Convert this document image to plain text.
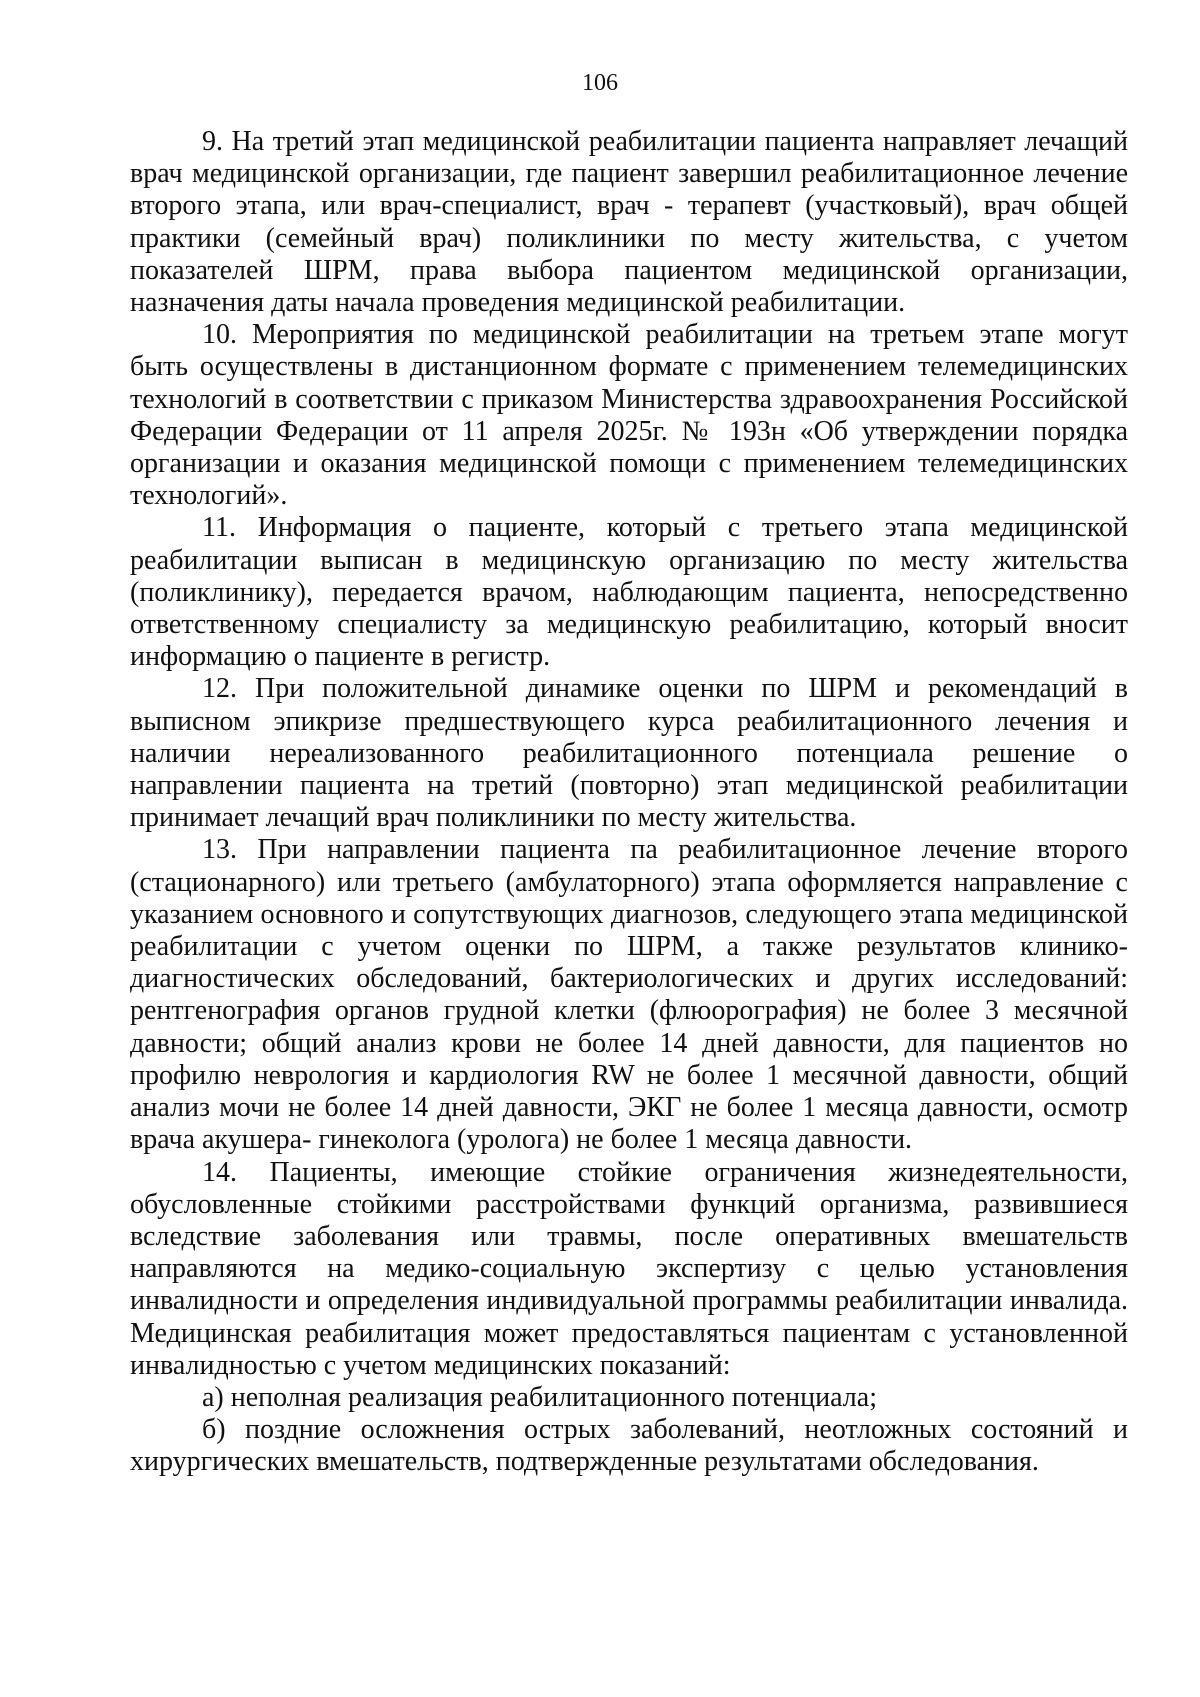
106

9. На третий этап медицинской реабилитации пациента направляет лечащий врач медицинской организации, где пациент завершил реабилитационное лечение второго этапа, или врач-специалист, врач - терапевт (участковый), врач общей практики (семейный врач) поликлиники по месту жительства, с учетом показателей ШРМ, права выбора пациентом медицинской организации, назначения даты начала проведения медицинской реабилитации.

10. Мероприятия по медицинской реабилитации на третьем этапе могут быть осуществлены в дистанционном формате с применением телемедицинских технологий в соответствии с приказом Министерства здравоохранения Российской Федерации Федерации от 11 апреля 2025г. № 193н «Об утверждении порядка организации и оказания медицинской помощи с применением телемедицинских технологий».

11. Информация о пациенте, который с третьего этапа медицинской реабилитации выписан в медицинскую организацию по месту жительства (поликлинику), передается врачом, наблюдающим пациента, непосредственно ответственному специалисту за медицинскую реабилитацию, который вносит информацию о пациенте в регистр.

12. При положительной динамике оценки по ШРМ и рекомендаций в выписном эпикризе предшествующего курса реабилитационного лечения и наличии нереализованного реабилитационного потенциала решение о направлении пациента на третий (повторно) этап медицинской реабилитации принимает лечащий врач поликлиники по месту жительства.

13. При направлении пациента па реабилитационное лечение второго (стационарного) или третьего (амбулаторного) этапа оформляется направление с указанием основного и сопутствующих диагнозов, следующего этапа медицинской реабилитации с учетом оценки по ШРМ, а также результатов клинико-диагностических обследований, бактериологических и других исследований: рентгенография органов грудной клетки (флюорография) не более 3 месячной давности; общий анализ крови не более 14 дней давности, для пациентов но профилю неврология и кардиология RW не более 1 месячной давности, общий анализ мочи не более 14 дней давности, ЭКГ не более 1 месяца давности, осмотр врача акушера- гинеколога (уролога) не более 1 месяца давности.

14. Пациенты, имеющие стойкие ограничения жизнедеятельности, обусловленные стойкими расстройствами функций организма, развившиеся вследствие заболевания или травмы, после оперативных вмешательств направляются на медико-социальную экспертизу с целью установления инвалидности и определения индивидуальной программы реабилитации инвалида. Медицинская реабилитация может предоставляться пациентам с установленной инвалидностью с учетом медицинских показаний:

а) неполная реализация реабилитационного потенциала;

б) поздние осложнения острых заболеваний, неотложных состояний и хирургических вмешательств, подтвержденные результатами обследования.
